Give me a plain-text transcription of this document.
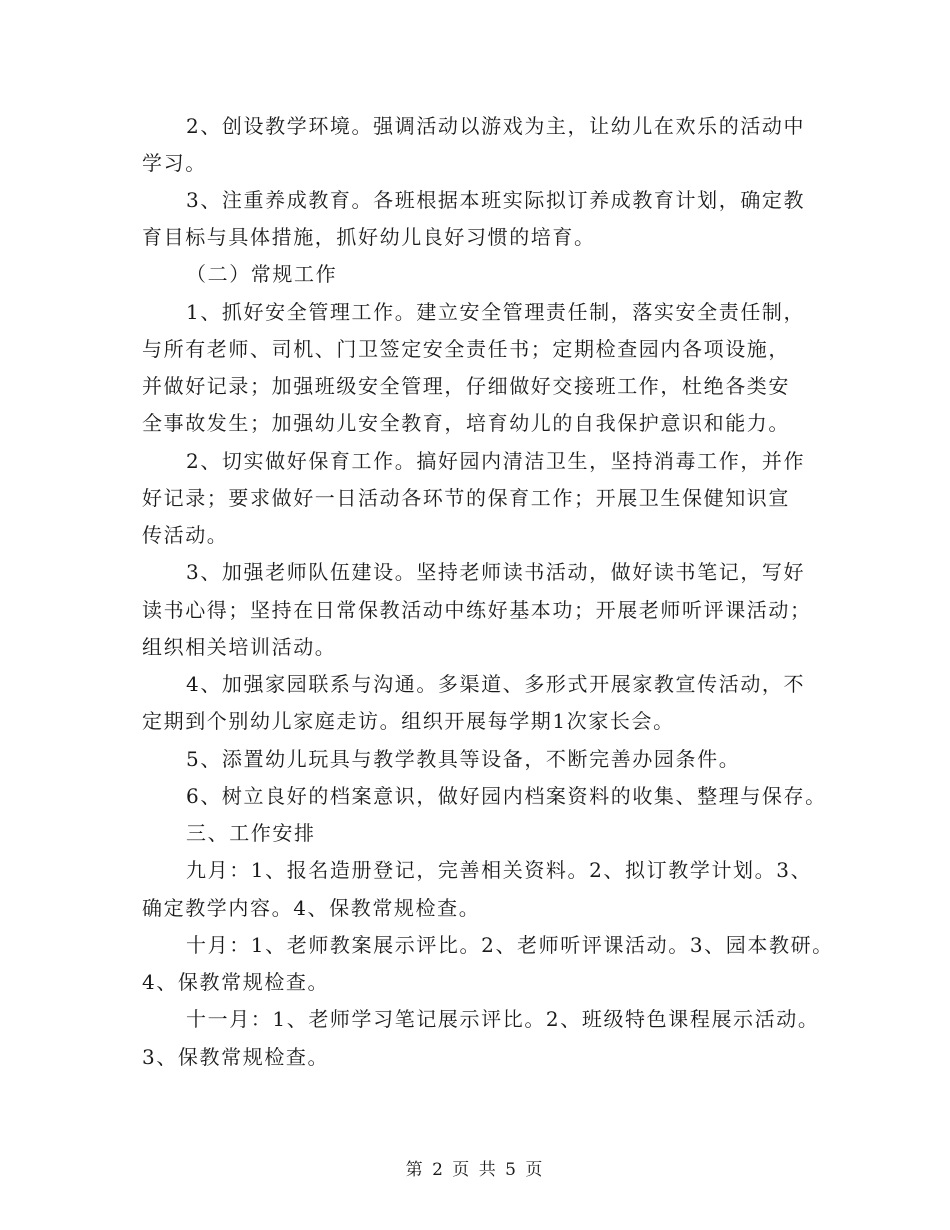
2、创设教学环境。强调活动以游戏为主，让幼儿在欢乐的活动中
学习。
3、注重养成教育。各班根据本班实际拟订养成教育计划，确定教
育目标与具体措施，抓好幼儿良好习惯的培育。
（二）常规工作
1、抓好安全管理工作。建立安全管理责任制，落实安全责任制，
与所有老师、司机、门卫签定安全责任书；定期检查园内各项设施，
并做好记录；加强班级安全管理，仔细做好交接班工作，杜绝各类安
全事故发生；加强幼儿安全教育，培育幼儿的自我保护意识和能力。
2、切实做好保育工作。搞好园内清洁卫生，坚持消毒工作，并作
好记录；要求做好一日活动各环节的保育工作；开展卫生保健知识宣
传活动。
3、加强老师队伍建设。坚持老师读书活动，做好读书笔记，写好
读书心得；坚持在日常保教活动中练好基本功；开展老师听评课活动；
组织相关培训活动。
4、加强家园联系与沟通。多渠道、多形式开展家教宣传活动，不
定期到个别幼儿家庭走访。组织开展每学期1次家长会。
5、添置幼儿玩具与教学教具等设备，不断完善办园条件。
6、树立良好的档案意识，做好园内档案资料的收集、整理与保存。
三、工作安排
九月：1、报名造册登记，完善相关资料。2、拟订教学计划。3、
确定教学内容。4、保教常规检查。
十月：1、老师教案展示评比。2、老师听评课活动。3、园本教研。
4、保教常规检查。
十一月：1、老师学习笔记展示评比。2、班级特色课程展示活动。
3、保教常规检查。
第 2 页 共 5 页
